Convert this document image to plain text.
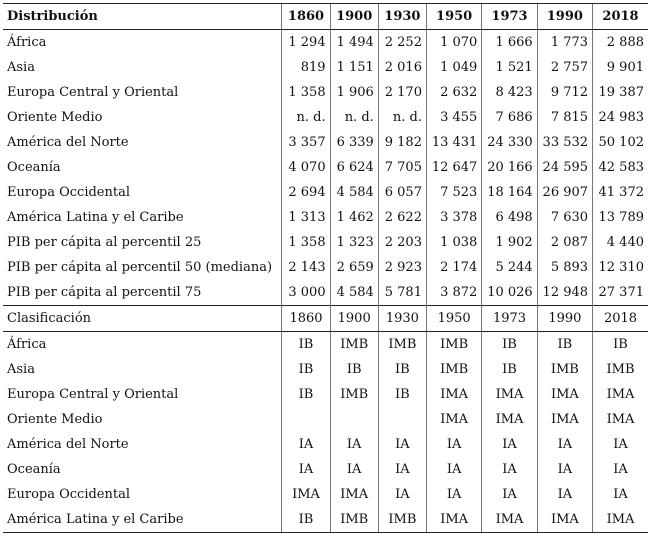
Distribución	1860	1900	1930	1950	1973	1990	2018
África	1 294	1 494	2 252	1 070	1 666	1 773	2 888
Asia	819	1 151	2 016	1 049	1 521	2 757	9 901
Europa Central y Oriental	1 358	1 906	2 170	2 632	8 423	9 712	19 387
Oriente Medio	n. d.	n. d.	n. d.	3 455	7 686	7 815	24 983
América del Norte	3 357	6 339	9 182	13 431	24 330	33 532	50 102
Oceanía	4 070	6 624	7 705	12 647	20 166	24 595	42 583
Europa Occidental	2 694	4 584	6 057	7 523	18 164	26 907	41 372
América Latina y el Caribe	1 313	1 462	2 622	3 378	6 498	7 630	13 789
PIB per cápita al percentil 25	1 358	1 323	2 203	1 038	1 902	2 087	4 440
PIB per cápita al percentil 50 (mediana)	2 143	2 659	2 923	2 174	5 244	5 893	12 310
PIB per cápita al percentil 75	3 000	4 584	5 781	3 872	10 026	12 948	27 371
Clasificación	1860	1900	1930	1950	1973	1990	2018
África	IB	IMB	IMB	IMB	IB	IB	IB
Asia	IB	IB	IB	IMB	IB	IMB	IMB
Europa Central y Oriental	IB	IMB	IB	IMA	IMA	IMA	IMA
Oriente Medio				IMA	IMA	IMA	IMA
América del Norte	IA	IA	IA	IA	IA	IA	IA
Oceanía	IA	IA	IA	IA	IA	IA	IA
Europa Occidental	IMA	IMA	IA	IA	IA	IA	IA
América Latina y el Caribe	IB	IMB	IMB	IMA	IMA	IMA	IMA
